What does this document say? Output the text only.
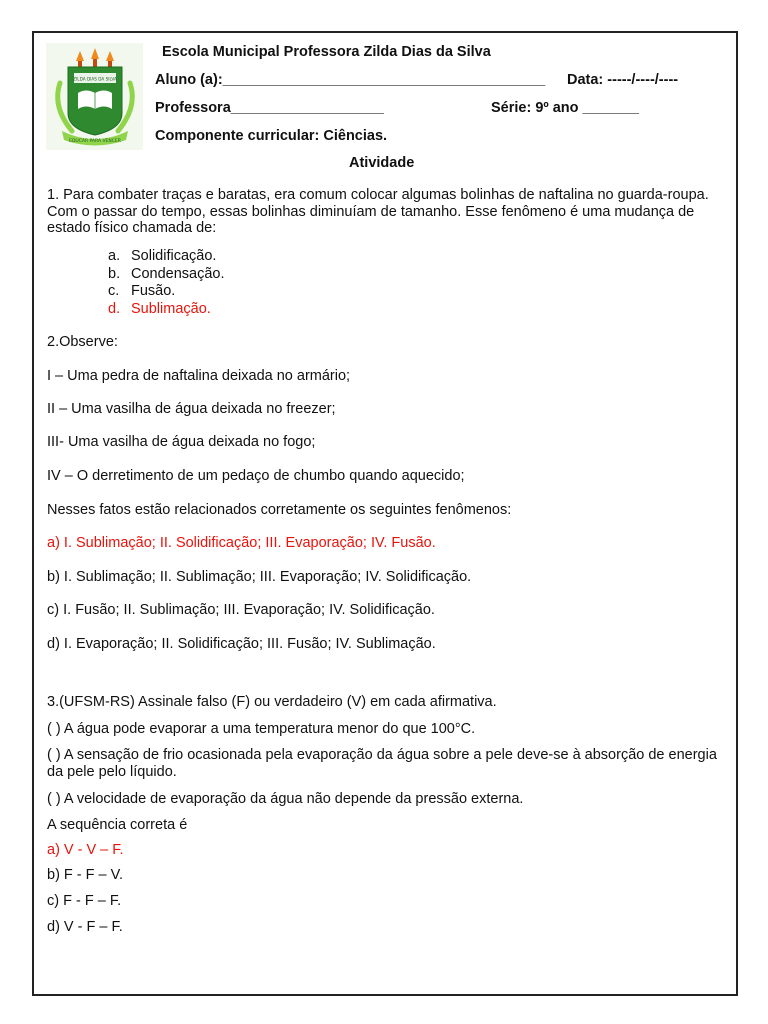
ZILDA DIAS DA SILVA
EDUCAR PARA VENCER
Escola Municipal Professora Zilda Dias da Silva
Aluno (a):________________________________________ Data: -----/----/----
Professora___________________	Série: 9º ano _______
Componente curricular: Ciências.
Atividade
1. Para combater traças e baratas, era comum colocar algumas bolinhas de naftalina no guarda-roupa. Com o passar do tempo, essas bolinhas diminuíam de tamanho. Esse fenômeno é uma mudança de estado físico chamada de:
a. Solidificação.
b. Condensação.
c. Fusão.
d. Sublimação.
2.Observe:
I – Uma pedra de naftalina deixada no armário;
II – Uma vasilha de água deixada no freezer;
III- Uma vasilha de água deixada no fogo;
IV – O derretimento de um pedaço de chumbo quando aquecido;
Nesses fatos estão relacionados corretamente os seguintes fenômenos:
a) I. Sublimação; II. Solidificação; III. Evaporação; IV. Fusão.
b) I. Sublimação; II. Sublimação; III. Evaporação; IV. Solidificação.
c) I. Fusão; II. Sublimação; III. Evaporação; IV. Solidificação.
d) I. Evaporação; II. Solidificação; III. Fusão; IV. Sublimação.
3.(UFSM-RS) Assinale falso (F) ou verdadeiro (V) em cada afirmativa.
( ) A água pode evaporar a uma temperatura menor do que 100°C.
( ) A sensação de frio ocasionada pela evaporação da água sobre a pele deve-se à absorção de energia da pele pelo líquido.
( ) A velocidade de evaporação da água não depende da pressão externa.
A sequência correta é
a) V - V – F.
b) F - F – V.
c) F - F – F.
d) V - F – F.
